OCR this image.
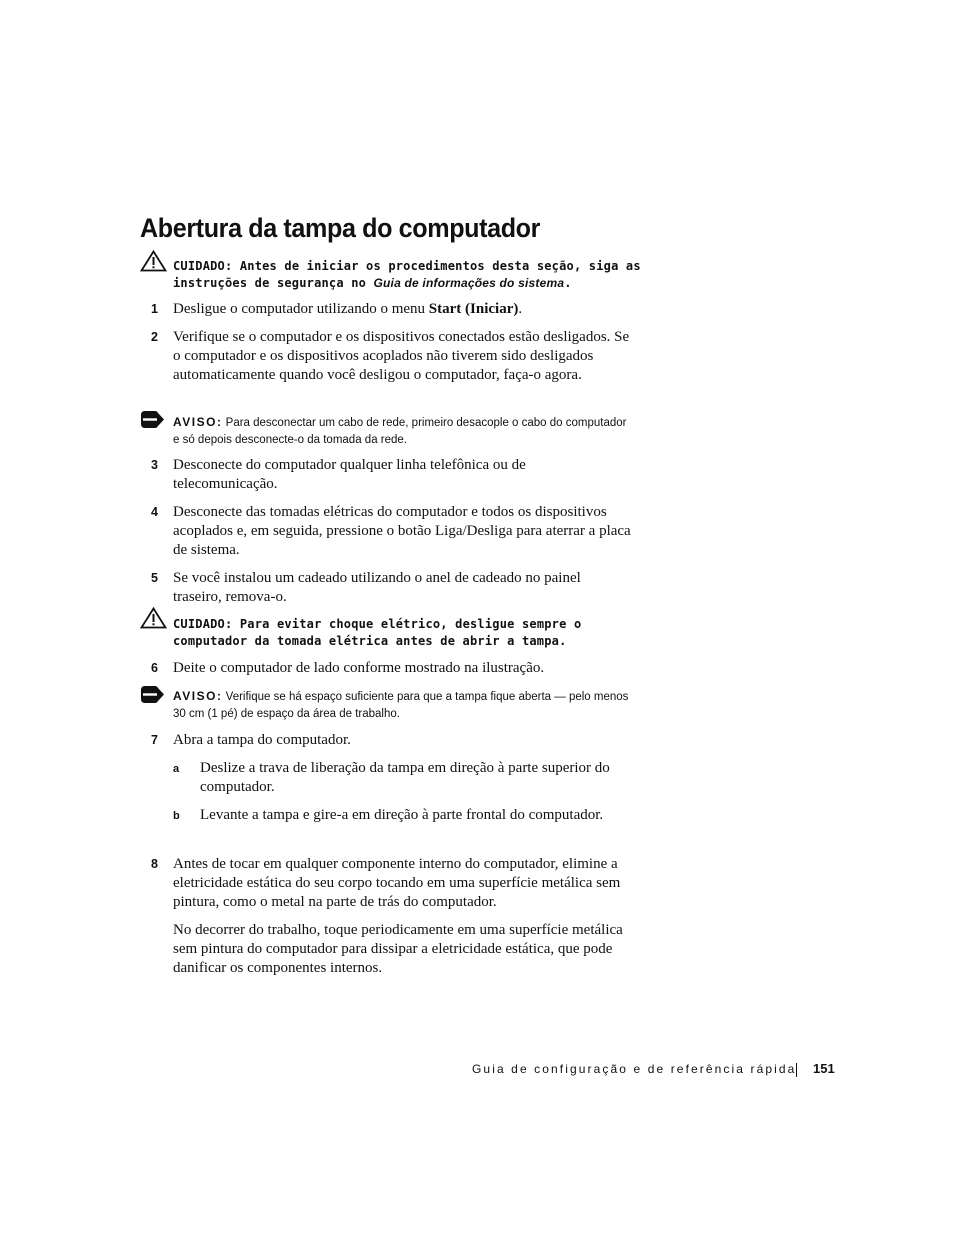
Abertura da tampa do computador
CUIDADO: Antes de iniciar os procedimentos desta seção, siga as instruções de segurança no Guia de informações do sistema.
1 Desligue o computador utilizando o menu Start (Iniciar).
2 Verifique se o computador e os dispositivos conectados estão desligados. Se o computador e os dispositivos acoplados não tiverem sido desligados automaticamente quando você desligou o computador, faça-o agora.
AVISO: Para desconectar um cabo de rede, primeiro desacople o cabo do computador e só depois desconecte-o da tomada da rede.
3 Desconecte do computador qualquer linha telefônica ou de telecomunicação.
4 Desconecte das tomadas elétricas do computador e todos os dispositivos acoplados e, em seguida, pressione o botão Liga/Desliga para aterrar a placa de sistema.
5 Se você instalou um cadeado utilizando o anel de cadeado no painel traseiro, remova-o.
CUIDADO: Para evitar choque elétrico, desligue sempre o computador da tomada elétrica antes de abrir a tampa.
6 Deite o computador de lado conforme mostrado na ilustração.
AVISO: Verifique se há espaço suficiente para que a tampa fique aberta — pelo menos 30 cm (1 pé) de espaço da área de trabalho.
7 Abra a tampa do computador.
a Deslize a trava de liberação da tampa em direção à parte superior do computador.
b Levante a tampa e gire-a em direção à parte frontal do computador.
8 Antes de tocar em qualquer componente interno do computador, elimine a eletricidade estática do seu corpo tocando em uma superfície metálica sem pintura, como o metal na parte de trás do computador.
No decorrer do trabalho, toque periodicamente em uma superfície metálica sem pintura do computador para dissipar a eletricidade estática, que pode danificar os componentes internos.
Guia de configuração e de referência rápida 151
